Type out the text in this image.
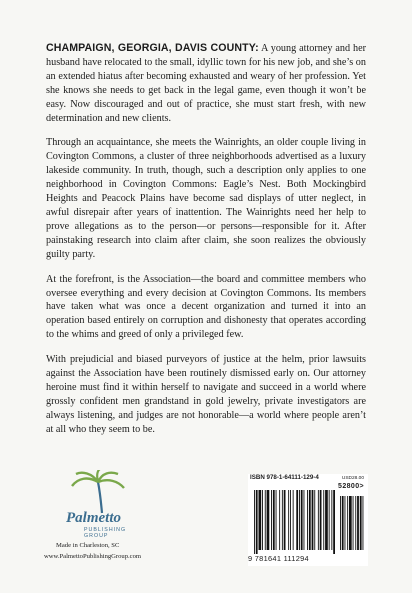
CHAMPAIGN, GEORGIA, DAVIS COUNTY: A young attorney and her husband have relocated to the small, idyllic town for his new job, and she’s on an extended hiatus after becoming exhausted and weary of her profession. Yet she knows she needs to get back in the legal game, even though it won’t be easy. Now discouraged and out of practice, she must start fresh, with new determination and new clients.

Through an acquaintance, she meets the Wainrights, an older couple living in Covington Commons, a cluster of three neighborhoods advertised as a luxury lakeside community. In truth, though, such a description only applies to one neighborhood in Covington Commons: Eagle’s Nest. Both Mockingbird Heights and Peacock Plains have become sad displays of utter neglect, in awful disrepair after years of inattention. The Wainrights need her help to prove allegations as to the person—or persons—responsible for it. After painstaking research into claim after claim, she soon realizes the obviously guilty party.

At the forefront, is the Association—the board and committee members who oversee everything and every decision at Covington Commons. Its members have taken what was once a decent organization and turned it into an operation based entirely on corruption and dishonesty that operates according to the whims and greed of only a privileged few.

With prejudicial and biased purveyors of justice at the helm, prior lawsuits against the Association have been routinely dismissed early on. Our attorney heroine must find it within herself to navigate and succeed in a world where grossly confident men grandstand in gold jewelry, private investigators are always listening, and judges are not honorable—a world where people aren’t at all who they seem to be.

Palmetto
PUBLISHING GROUP
Made in Charleston, SC
www.PalmettoPublishingGroup.com
ISBN 978-1-64111-129-4	USD28.00
52800>
9 781641 111294
